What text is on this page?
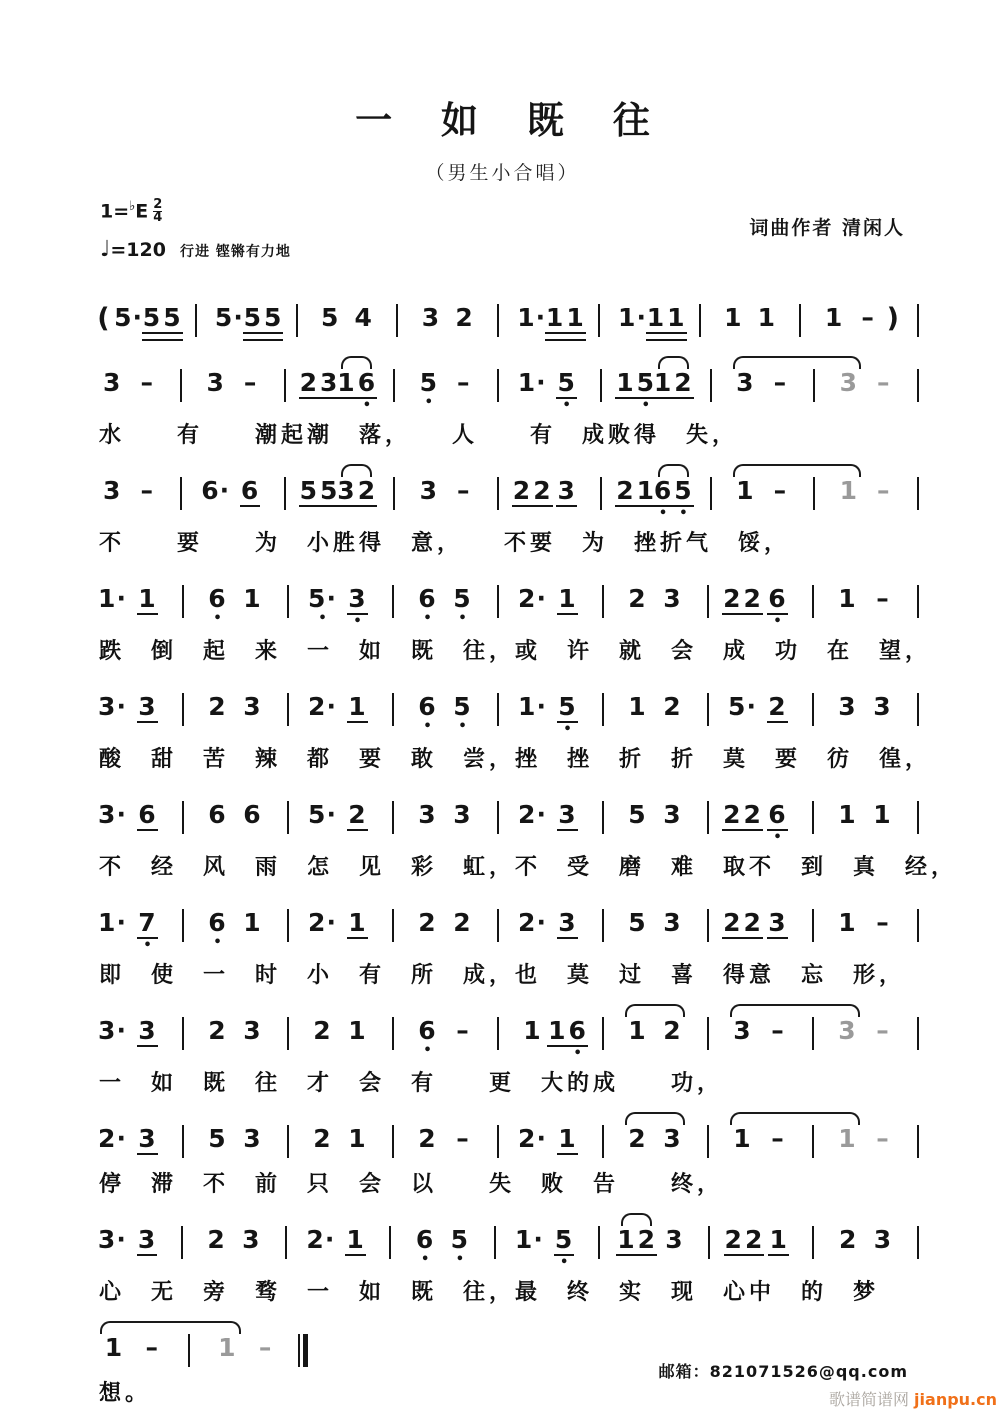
一 如 既 往
（男生小合唱）
$1=^♭E \frac{2}{4}$
♩=120 行进 铿锵有力地
词曲作者 清闲人
( 5· 5 5 5· 5 5 5 4 3 2 1· 1 1 1· 1 1 1 1 1 – )
3 – 3 – 2 3
1 6

•
5
•
– 1· 5
•
1 5

•
1 2 3 – 3 –
水　　有　　潮起潮　落，　　人　　有　成败得　失，
3 – 6· 6 5 5
3 2 3 – 2 2 3 2 1
6 5
• •
1 – 1 –
不　　要　　为　小胜得　意，　　不要　为　挫折气　馁，
1· 1 6
•
1 5·
•
3
•
6
•
5
•
2· 1 2 3 2 2 6
•
1 –
跌　倒　起　来　一　如　既　往，或　许　就　会　成　功　在　望，
3· 3 2 3 2· 1 6
•
5
•
1· 5
•
1 2 5· 2 3 3
酸　甜　苦　辣　都　要　敢　尝，挫　挫　折　折　莫　要　彷　徨，
3· 6 6 6 5· 2 3 3 2· 3 5 3 2 2 6
•
1 1
不　经　风　雨　怎　见　彩　虹，不　受　磨　难　取不　到　真　经，
1· 7
•
6
•
1 2· 1 2 2 2· 3 5 3 2 2 3 1 –
即　使　一　时　小　有　所　成，也　莫　过　喜　得意　忘　形，
3· 3 2 3 2 1 6
•
– 1 1 6

•
1 2 3 – 3 –
一　如　既　往　才　会　有　　更　大的成　　功，
2· 3 5 3 2 1 2 – 2· 1 2 3 1 – 1 –
停　滞　不　前　只　会　以　　失　败　告　　终，
3· 3 2 3 2· 1 6
•
5
•
1· 5
•
1 2 3 2 2 1 2 3
心　无　旁　骛　一　如　既　往，最　终　实　现　心中　的　梦
1 – 1 –
想。
邮箱：821071526@qq.com
歌谱简谱网 jianpu.cn
